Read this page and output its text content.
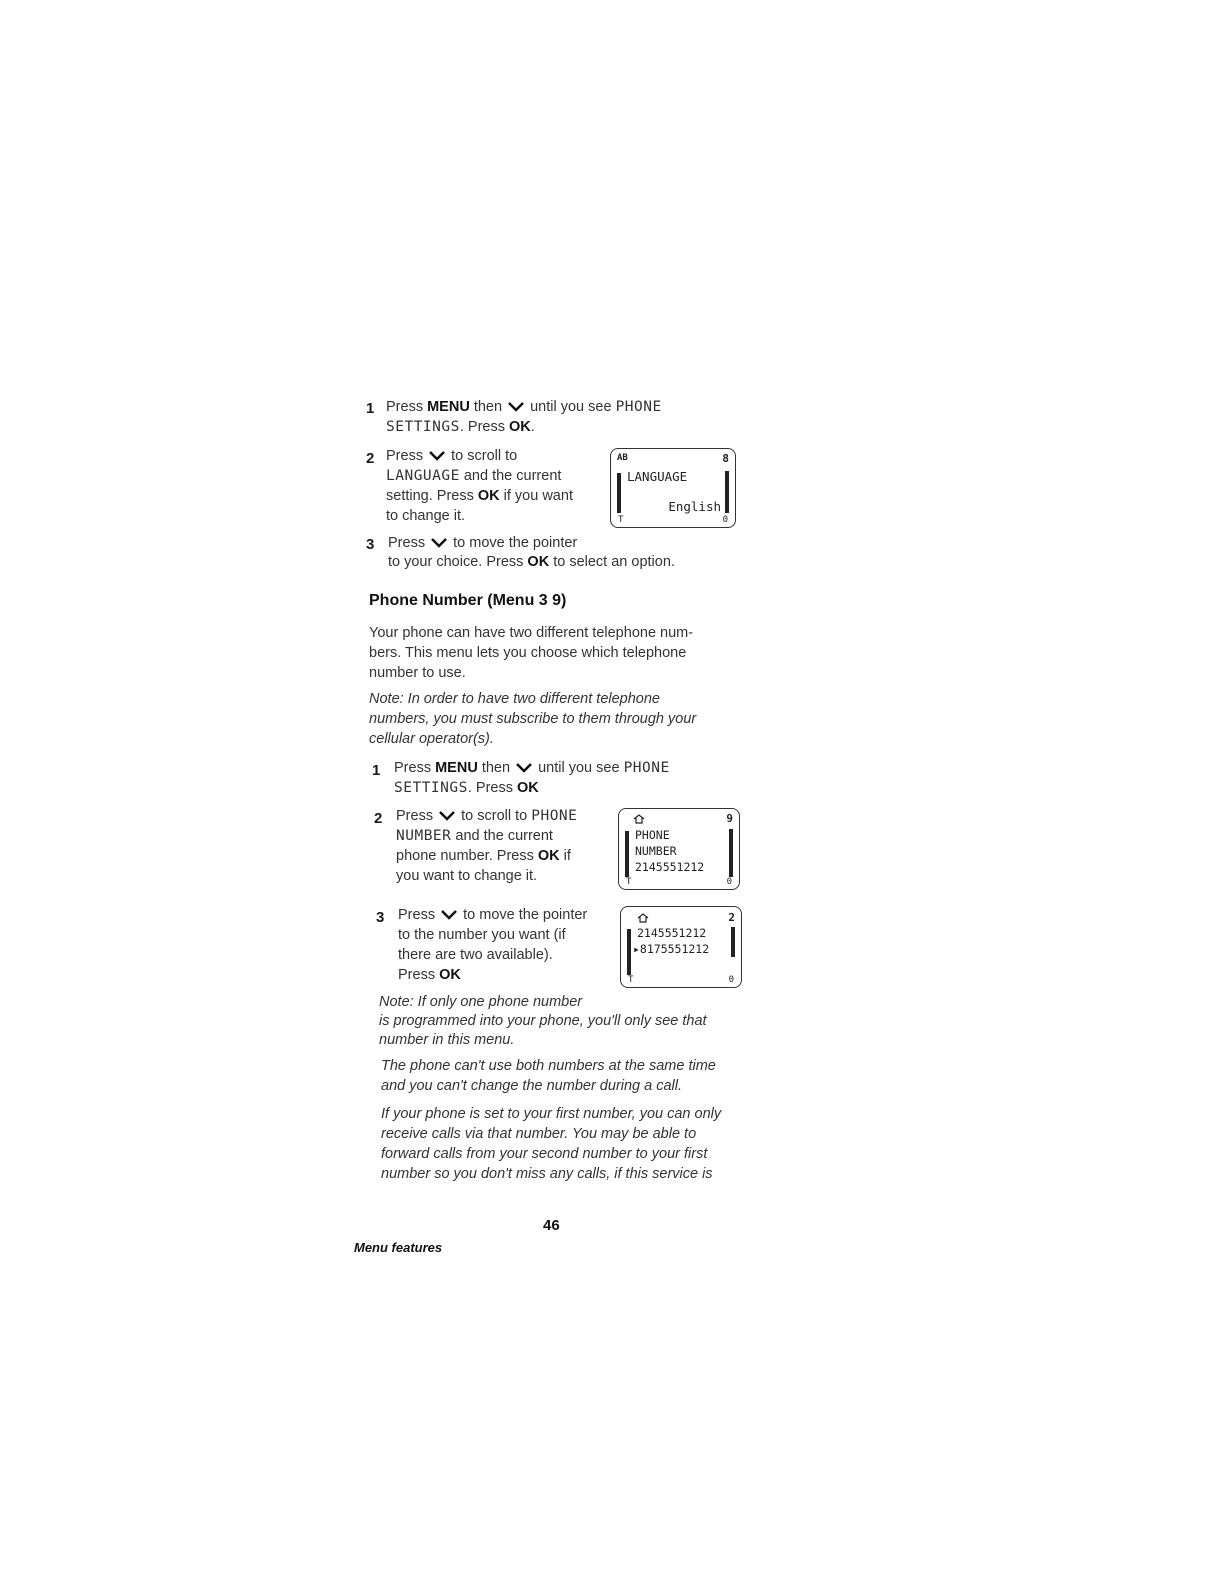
1 Press MENU then  until you see PHONE
SETTINGS. Press OK.
2 Press  to scroll to
LANGUAGE and the current
setting. Press OK if you want
to change it.
AB	8
LANGUAGE
English
T	0
3 Press  to move the pointer
to your choice. Press OK to select an option.
Phone Number (Menu 3 9)
Your phone can have two different telephone num-
bers. This menu lets you choose which telephone
number to use.
Note: In order to have two different telephone
numbers, you must subscribe to them through your
cellular operator(s).
1 Press MENU then  until you see PHONE
SETTINGS. Press OK
2 Press  to scroll to PHONE
NUMBER and the current
phone number. Press OK if
you want to change it.
9
PHONE
NUMBER
2145551212
T	0
3 Press  to move the pointer
to the number you want (if
there are two available).
Press OK
2
2145551212
▸8175551212
T	0
Note: If only one phone number
is programmed into your phone, you'll only see that
number in this menu.
The phone can't use both numbers at the same time
and you can't change the number during a call.
If your phone is set to your first number, you can only
receive calls via that number. You may be able to
forward calls from your second number to your first
number so you don't miss any calls, if this service is
46
Menu features
